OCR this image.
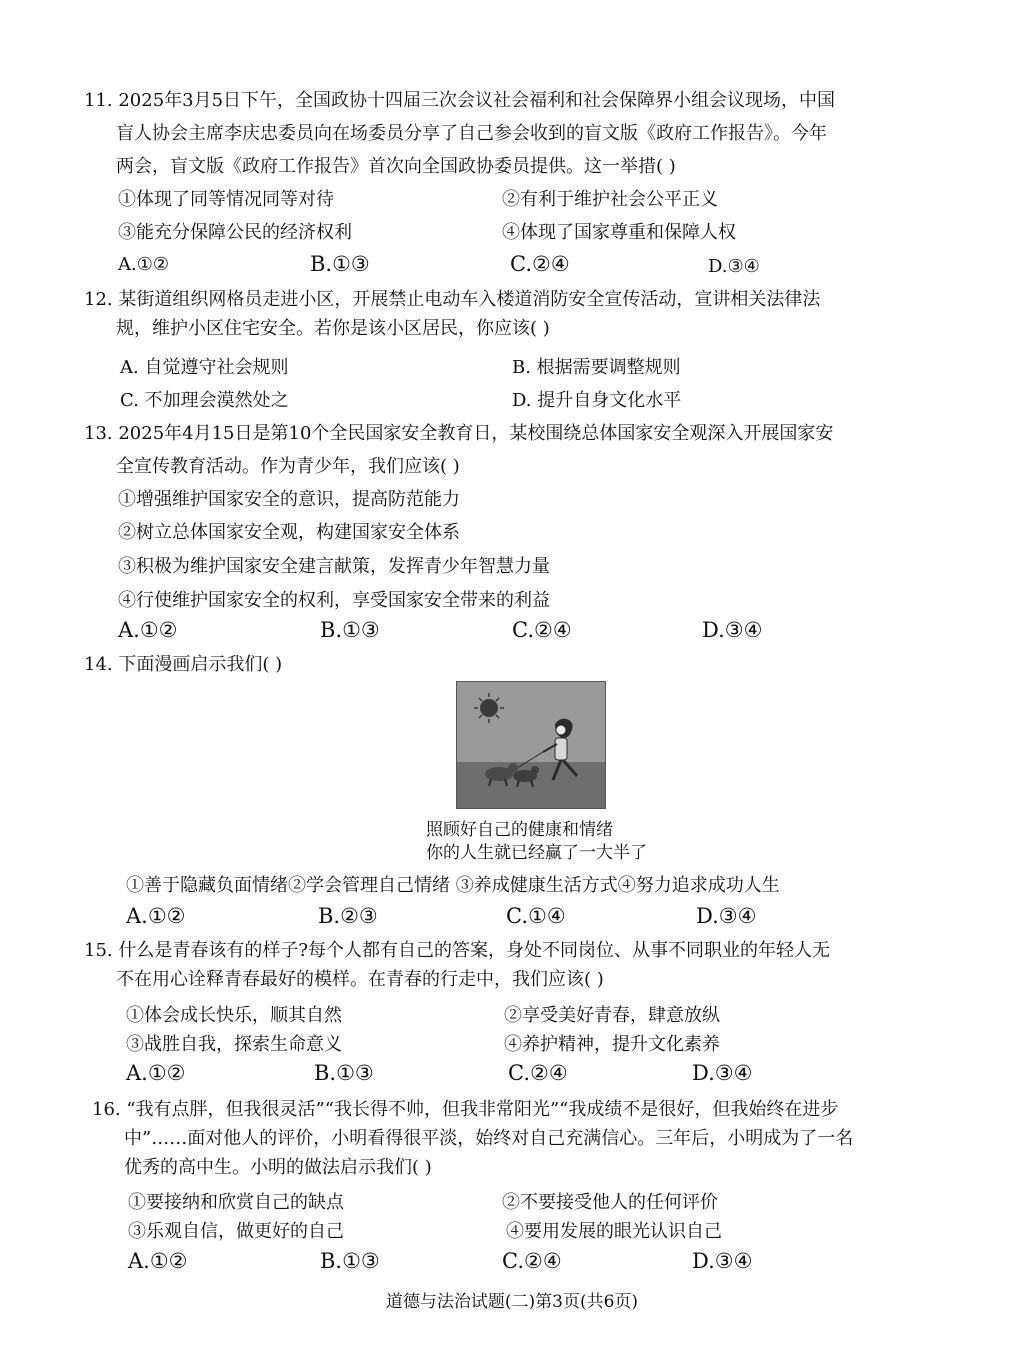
11. 2025年3月5日下午，全国政协十四届三次会议社会福利和社会保障界小组会议现场，中国
盲人协会主席李庆忠委员向在场委员分享了自己参会收到的盲文版《政府工作报告》。今年
两会，盲文版《政府工作报告》首次向全国政协委员提供。这一举措( )
①体现了同等情况同等对待	②有利于维护社会公平正义
③能充分保障公民的经济权利	④体现了国家尊重和保障人权
A.①②	B.①③	C.②④	D.③④
12. 某街道组织网格员走进小区，开展禁止电动车入楼道消防安全宣传活动，宣讲相关法律法
规，维护小区住宅安全。若你是该小区居民，你应该( )
A. 自觉遵守社会规则	B. 根据需要调整规则
C. 不加理会漠然处之	D. 提升自身文化水平
13. 2025年4月15日是第10个全民国家安全教育日，某校围绕总体国家安全观深入开展国家安
全宣传教育活动。作为青少年，我们应该( )
①增强维护国家安全的意识，提高防范能力
②树立总体国家安全观，构建国家安全体系
③积极为维护国家安全建言献策，发挥青少年智慧力量
④行使维护国家安全的权利，享受国家安全带来的利益
A.①②	B.①③	C.②④	D.③④
14. 下面漫画启示我们( )
照顾好自己的健康和情绪
你的人生就已经赢了一大半了
①善于隐藏负面情绪②学会管理自己情绪 ③养成健康生活方式④努力追求成功人生
A.①②	B.②③	C.①④	D.③④
15. 什么是青春该有的样子?每个人都有自己的答案，身处不同岗位、从事不同职业的年轻人无
不在用心诠释青春最好的模样。在青春的行走中，我们应该( )
①体会成长快乐，顺其自然	②享受美好青春，肆意放纵
③战胜自我，探索生命意义	④养护精神，提升文化素养
A.①②	B.①③	C.②④	D.③④
16. “我有点胖，但我很灵活”“我长得不帅，但我非常阳光”“我成绩不是很好，但我始终在进步
中”……面对他人的评价，小明看得很平淡，始终对自己充满信心。三年后，小明成为了一名
优秀的高中生。小明的做法启示我们( )
①要接纳和欣赏自己的缺点	②不要接受他人的任何评价
③乐观自信，做更好的自己	④要用发展的眼光认识自己
A.①②	B.①③	C.②④	D.③④
道德与法治试题(二)第3页(共6页)
